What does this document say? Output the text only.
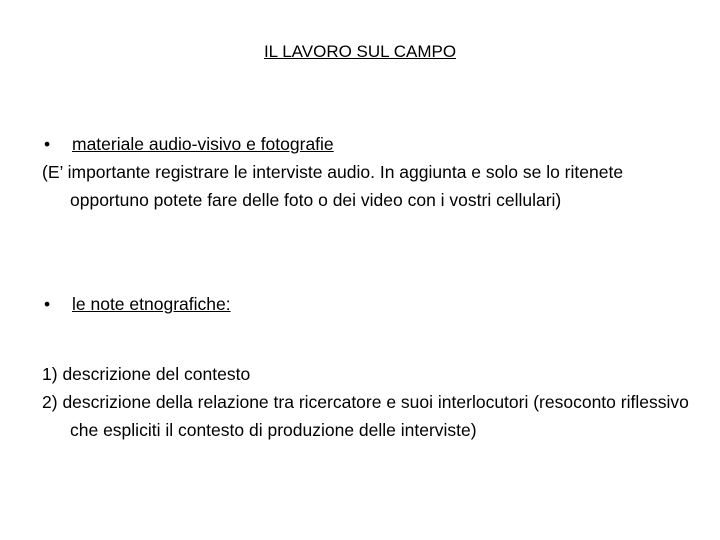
IL LAVORO SUL CAMPO
•	materiale audio-visivo e fotografie
(E’ importante registrare le interviste audio. In aggiunta e solo se lo ritenete opportuno potete fare delle foto o dei video con i vostri cellulari)
•	le note etnografiche:
1) descrizione del contesto
2) descrizione della relazione tra ricercatore e suoi interlocutori (resoconto riflessivo che espliciti il contesto di produzione delle interviste)
